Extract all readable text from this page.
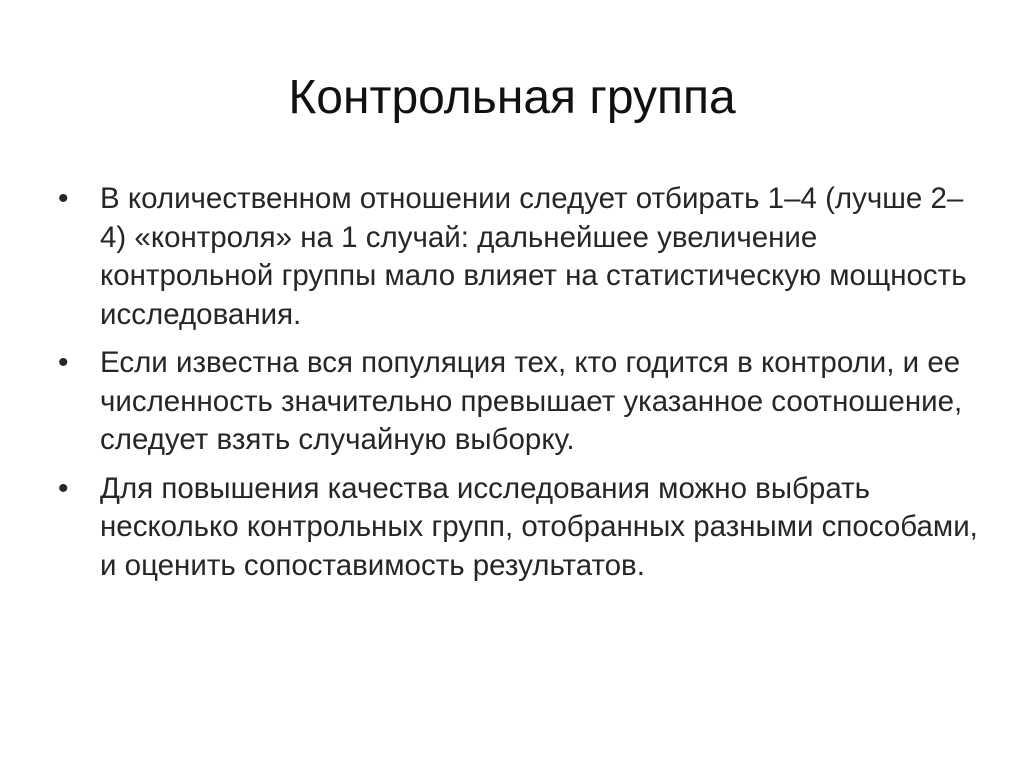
Контрольная группа
• В количественном отношении следует отбирать 1–4 (лучше 2–4) «контроля» на 1 случай: дальнейшее увеличение контрольной группы мало влияет на статистическую мощность исследования.
• Если известна вся популяция тех, кто годится в контроли, и ее численность значительно превышает указанное соотношение, следует взять случайную выборку.
• Для повышения качества исследования можно выбрать несколько контрольных групп, отобранных разными способами, и оценить сопоставимость результатов.
